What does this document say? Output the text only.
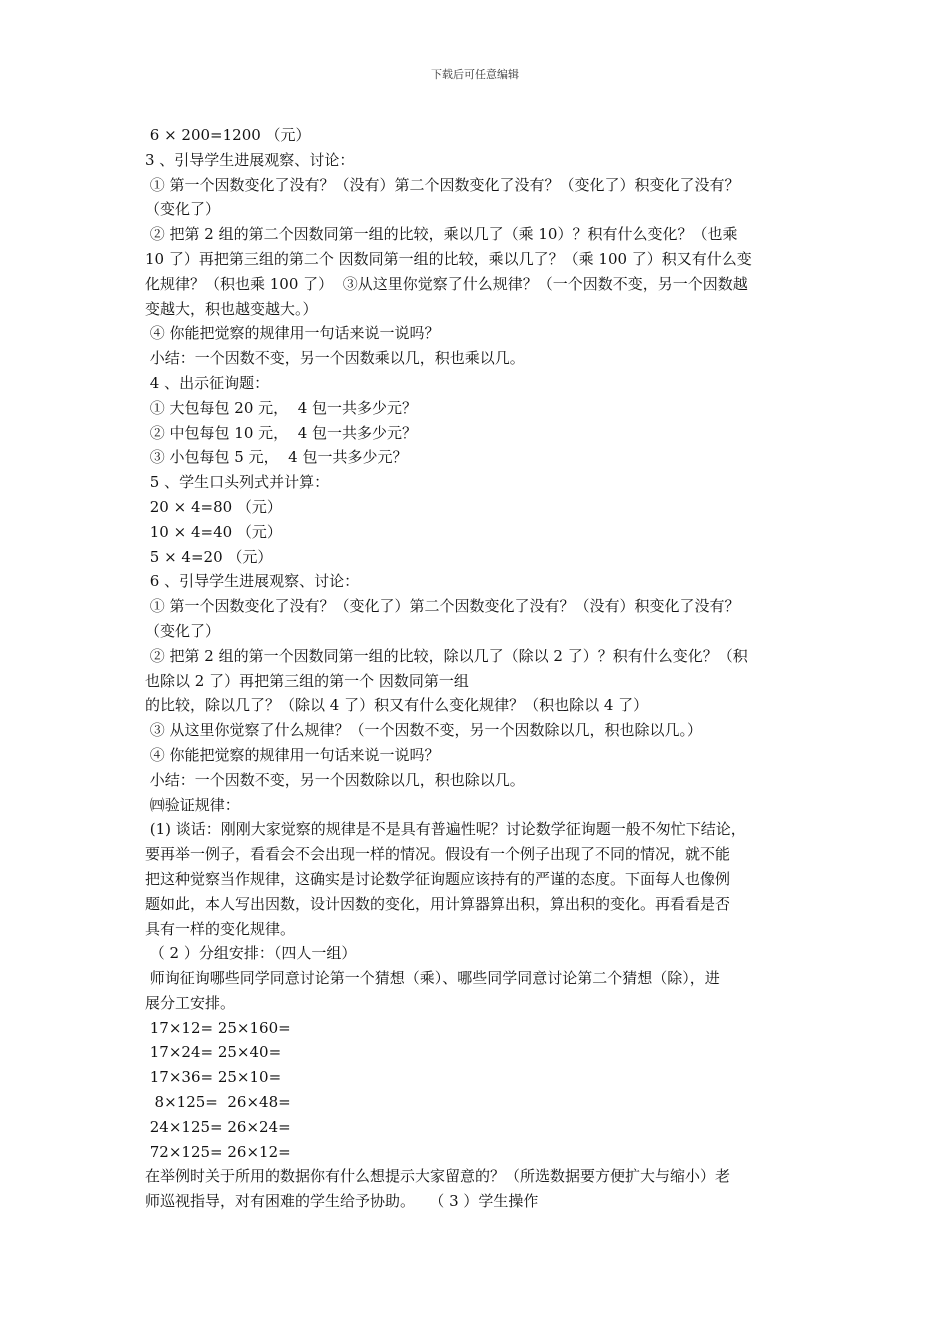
下载后可任意编辑
6 × 200=1200 （元）
3 、引导学生进展观察、讨论：
① 第一个因数变化了没有？（没有）第二个因数变化了没有？（变化了）积变化了没有？
（变化了）
② 把第 2 组的第二个因数同第一组的比较，乘以几了（乘 10）？积有什么变化？（也乘
10 了）再把第三组的第二个 因数同第一组的比较，乘以几了？（乘 100 了）积又有什么变
化规律？（积也乘 100 了）  ③从这里你觉察了什么规律？（一个因数不变，另一个因数越
变越大，积也越变越大。）
④ 你能把觉察的规律用一句话来说一说吗？
小结：一个因数不变，另一个因数乘以几，积也乘以几。
4 、出示征询题：
① 大包每包 20 元，  4 包一共多少元？
② 中包每包 10 元，  4 包一共多少元？
③ 小包每包 5 元，  4 包一共多少元？
5 、学生口头列式并计算：
20 × 4=80 （元）
10 × 4=40 （元）
5 × 4=20 （元）
6 、引导学生进展观察、讨论：
① 第一个因数变化了没有？（变化了）第二个因数变化了没有？（没有）积变化了没有？
（变化了）
② 把第 2 组的第一个因数同第一组的比较，除以几了（除以 2 了）？积有什么变化？（积
也除以 2 了）再把第三组的第一个 因数同第一组
的比较，除以几了？（除以 4 了）积又有什么变化规律？（积也除以 4 了）
③ 从这里你觉察了什么规律？（一个因数不变，另一个因数除以几，积也除以几。）
④ 你能把觉察的规律用一句话来说一说吗？
小结：一个因数不变，另一个因数除以几，积也除以几。
㈣验证规律：
(1) 谈话：刚刚大家觉察的规律是不是具有普遍性呢？讨论数学征询题一般不匆忙下结论，
要再举一例子，看看会不会出现一样的情况。假设有一个例子出现了不同的情况，就不能
把这种觉察当作规律，这确实是讨论数学征询题应该持有的严谨的态度。下面每人也像例
题如此，本人写出因数，设计因数的变化，用计算器算出积，算出积的变化。再看看是否
具有一样的变化规律。
（ 2 ）分组安排：（四人一组）
师询征询哪些同学同意讨论第一个猜想（乘）、哪些同学同意讨论第二个猜想（除），进
展分工安排。
17×12= 25×160=
17×24= 25×40=
17×36= 25×10=
8×125=  26×48=
24×125= 26×24=
72×125= 26×12=
在举例时关于所用的数据你有什么想提示大家留意的？（所选数据要方便扩大与缩小）老
师巡视指导，对有困难的学生给予协助。   （ 3 ）学生操作
